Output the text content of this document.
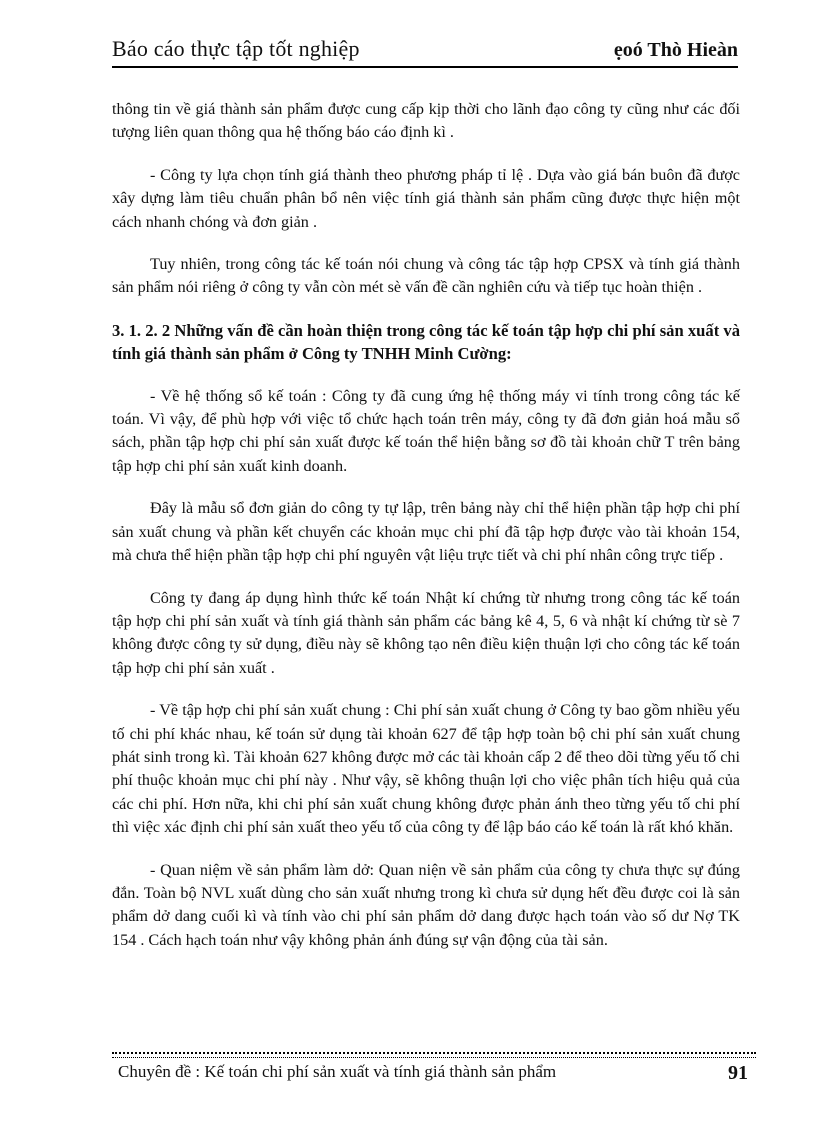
Báo cáo thực tập tốt nghiệp	ẹoó Thò Hieàn

thông tin về giá thành sản phẩm được cung cấp kịp thời cho lãnh đạo công ty cũng như các đối tượng liên quan thông qua hệ thống báo cáo định kì .

- Công ty lựa chọn tính giá thành theo phương pháp tỉ lệ . Dựa vào giá bán buôn đã được xây dựng làm tiêu chuẩn phân bổ nên việc tính giá thành sản phẩm cũng được thực hiện một cách nhanh chóng và đơn giản .

Tuy nhiên, trong công tác kế toán nói chung và công tác tập hợp CPSX và tính giá thành sản phẩm nói riêng ở công ty vẫn còn mét sè vấn đề cần nghiên cứu và tiếp tục hoàn thiện .

3. 1. 2. 2 Những vấn đề cần hoàn thiện trong công tác kế toán tập hợp chi phí sản xuất và tính giá thành sản phẩm ở Công ty TNHH Minh Cường:

- Về hệ thống sổ kế toán : Công ty đã cung ứng hệ thống máy vi tính trong công tác kế toán. Vì vậy, để phù hợp với việc tổ chức hạch toán trên máy, công ty đã đơn giản hoá mẫu sổ sách, phần tập hợp chi phí sản xuất được kế toán thể hiện bằng sơ đồ tài khoản chữ T trên bảng tập hợp chi phí sản xuất kinh doanh.

Đây là mẫu sổ đơn giản do công ty tự lập, trên bảng này chỉ thể hiện phần tập hợp chi phí sản xuất chung và phần kết chuyển các khoản mục chi phí đã tập hợp được vào tài khoản 154, mà chưa thể hiện phần tập hợp chi phí nguyên vật liệu trực tiết và chi phí nhân công trực tiếp .

Công ty đang áp dụng hình thức kế toán Nhật kí chứng từ nhưng trong công tác kế toán tập hợp chi phí sản xuất và tính giá thành sản phẩm các bảng kê 4, 5, 6 và nhật kí chứng từ sè 7 không được công ty sử dụng, điều này sẽ không tạo nên điều kiện thuận lợi cho công tác kế toán tập hợp chi phí sản xuất .

- Về tập hợp chi phí sản xuất chung : Chi phí sản xuất chung ở Công ty bao gồm nhiều yếu tố chi phí khác nhau, kế toán sử dụng tài khoản 627 để tập hợp toàn bộ chi phí sản xuất chung phát sinh trong kì. Tài khoản 627 không được mở các tài khoản cấp 2 để theo dõi từng yếu tố chi phí thuộc khoản mục chi phí này . Như vậy, sẽ không thuận lợi cho việc phân tích hiệu quả của các chi phí. Hơn nữa, khi chi phí sản xuất chung không được phản ánh theo từng yếu tố chi phí thì việc xác định chi phí sản xuất theo yếu tố của công ty để lập báo cáo kế toán là rất khó khăn.

- Quan niệm về sản phẩm làm dở: Quan niện về sản phẩm của công ty chưa thực sự đúng đắn. Toàn bộ NVL xuất dùng cho sản xuất nhưng trong kì chưa sử dụng hết đều được coi là sản phẩm dở dang cuối kì và tính vào chi phí sản phẩm dở dang được hạch toán vào số dư Nợ TK 154 . Cách hạch toán như vậy không phản ánh đúng sự vận động của tài sản.

Chuyên đề : Kế toán chi phí sản xuất và tính giá thành sản phẩm	91
